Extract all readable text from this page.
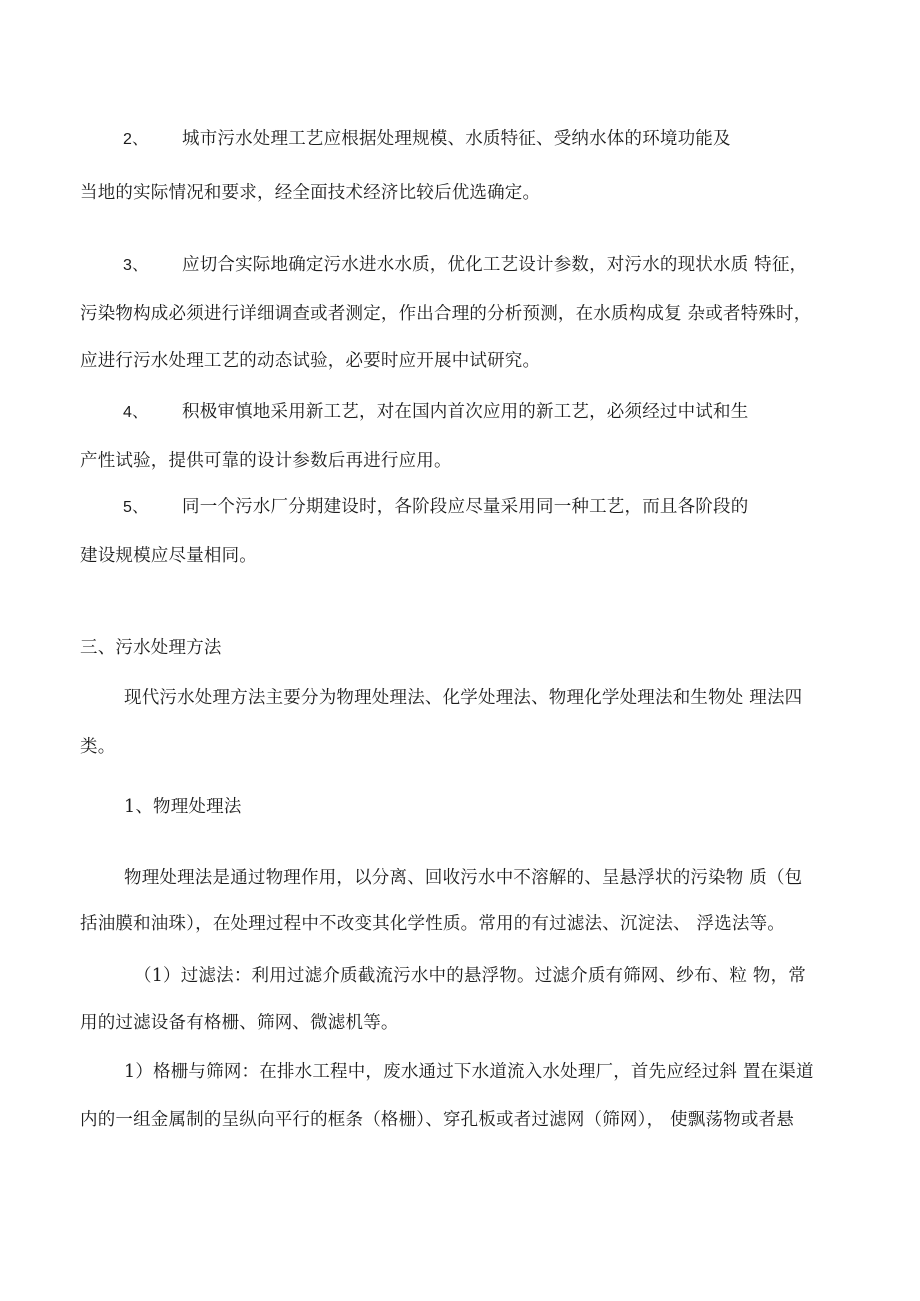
2、 城市污水处理工艺应根据处理规模、水质特征、受纳水体的环境功能及
当地的实际情况和要求，经全面技术经济比较后优选确定。
3、 应切合实际地确定污水进水水质，优化工艺设计参数，对污水的现状水质 特征，
污染物构成必须进行详细调查或者测定，作出合理的分析预测，在水质构成复 杂或者特殊时，
应进行污水处理工艺的动态试验，必要时应开展中试研究。
4、 积极审慎地采用新工艺，对在国内首次应用的新工艺，必须经过中试和生
产性试验，提供可靠的设计参数后再进行应用。
5、 同一个污水厂分期建设时，各阶段应尽量采用同一种工艺，而且各阶段的
建设规模应尽量相同。
三、污水处理方法
现代污水处理方法主要分为物理处理法、化学处理法、物理化学处理法和生物处 理法四
类。
1、物理处理法
物理处理法是通过物理作用，以分离、回收污水中不溶解的、呈悬浮状的污染物 质（包
括油膜和油珠），在处理过程中不改变其化学性质。常用的有过滤法、沉淀法、 浮选法等。
（1）过滤法：利用过滤介质截流污水中的悬浮物。过滤介质有筛网、纱布、粒 物，常
用的过滤设备有格栅、筛网、微滤机等。
1）格栅与筛网：在排水工程中，废水通过下水道流入水处理厂，首先应经过斜 置在渠道
内的一组金属制的呈纵向平行的框条（格栅）、穿孔板或者过滤网（筛网）， 使飘荡物或者悬
